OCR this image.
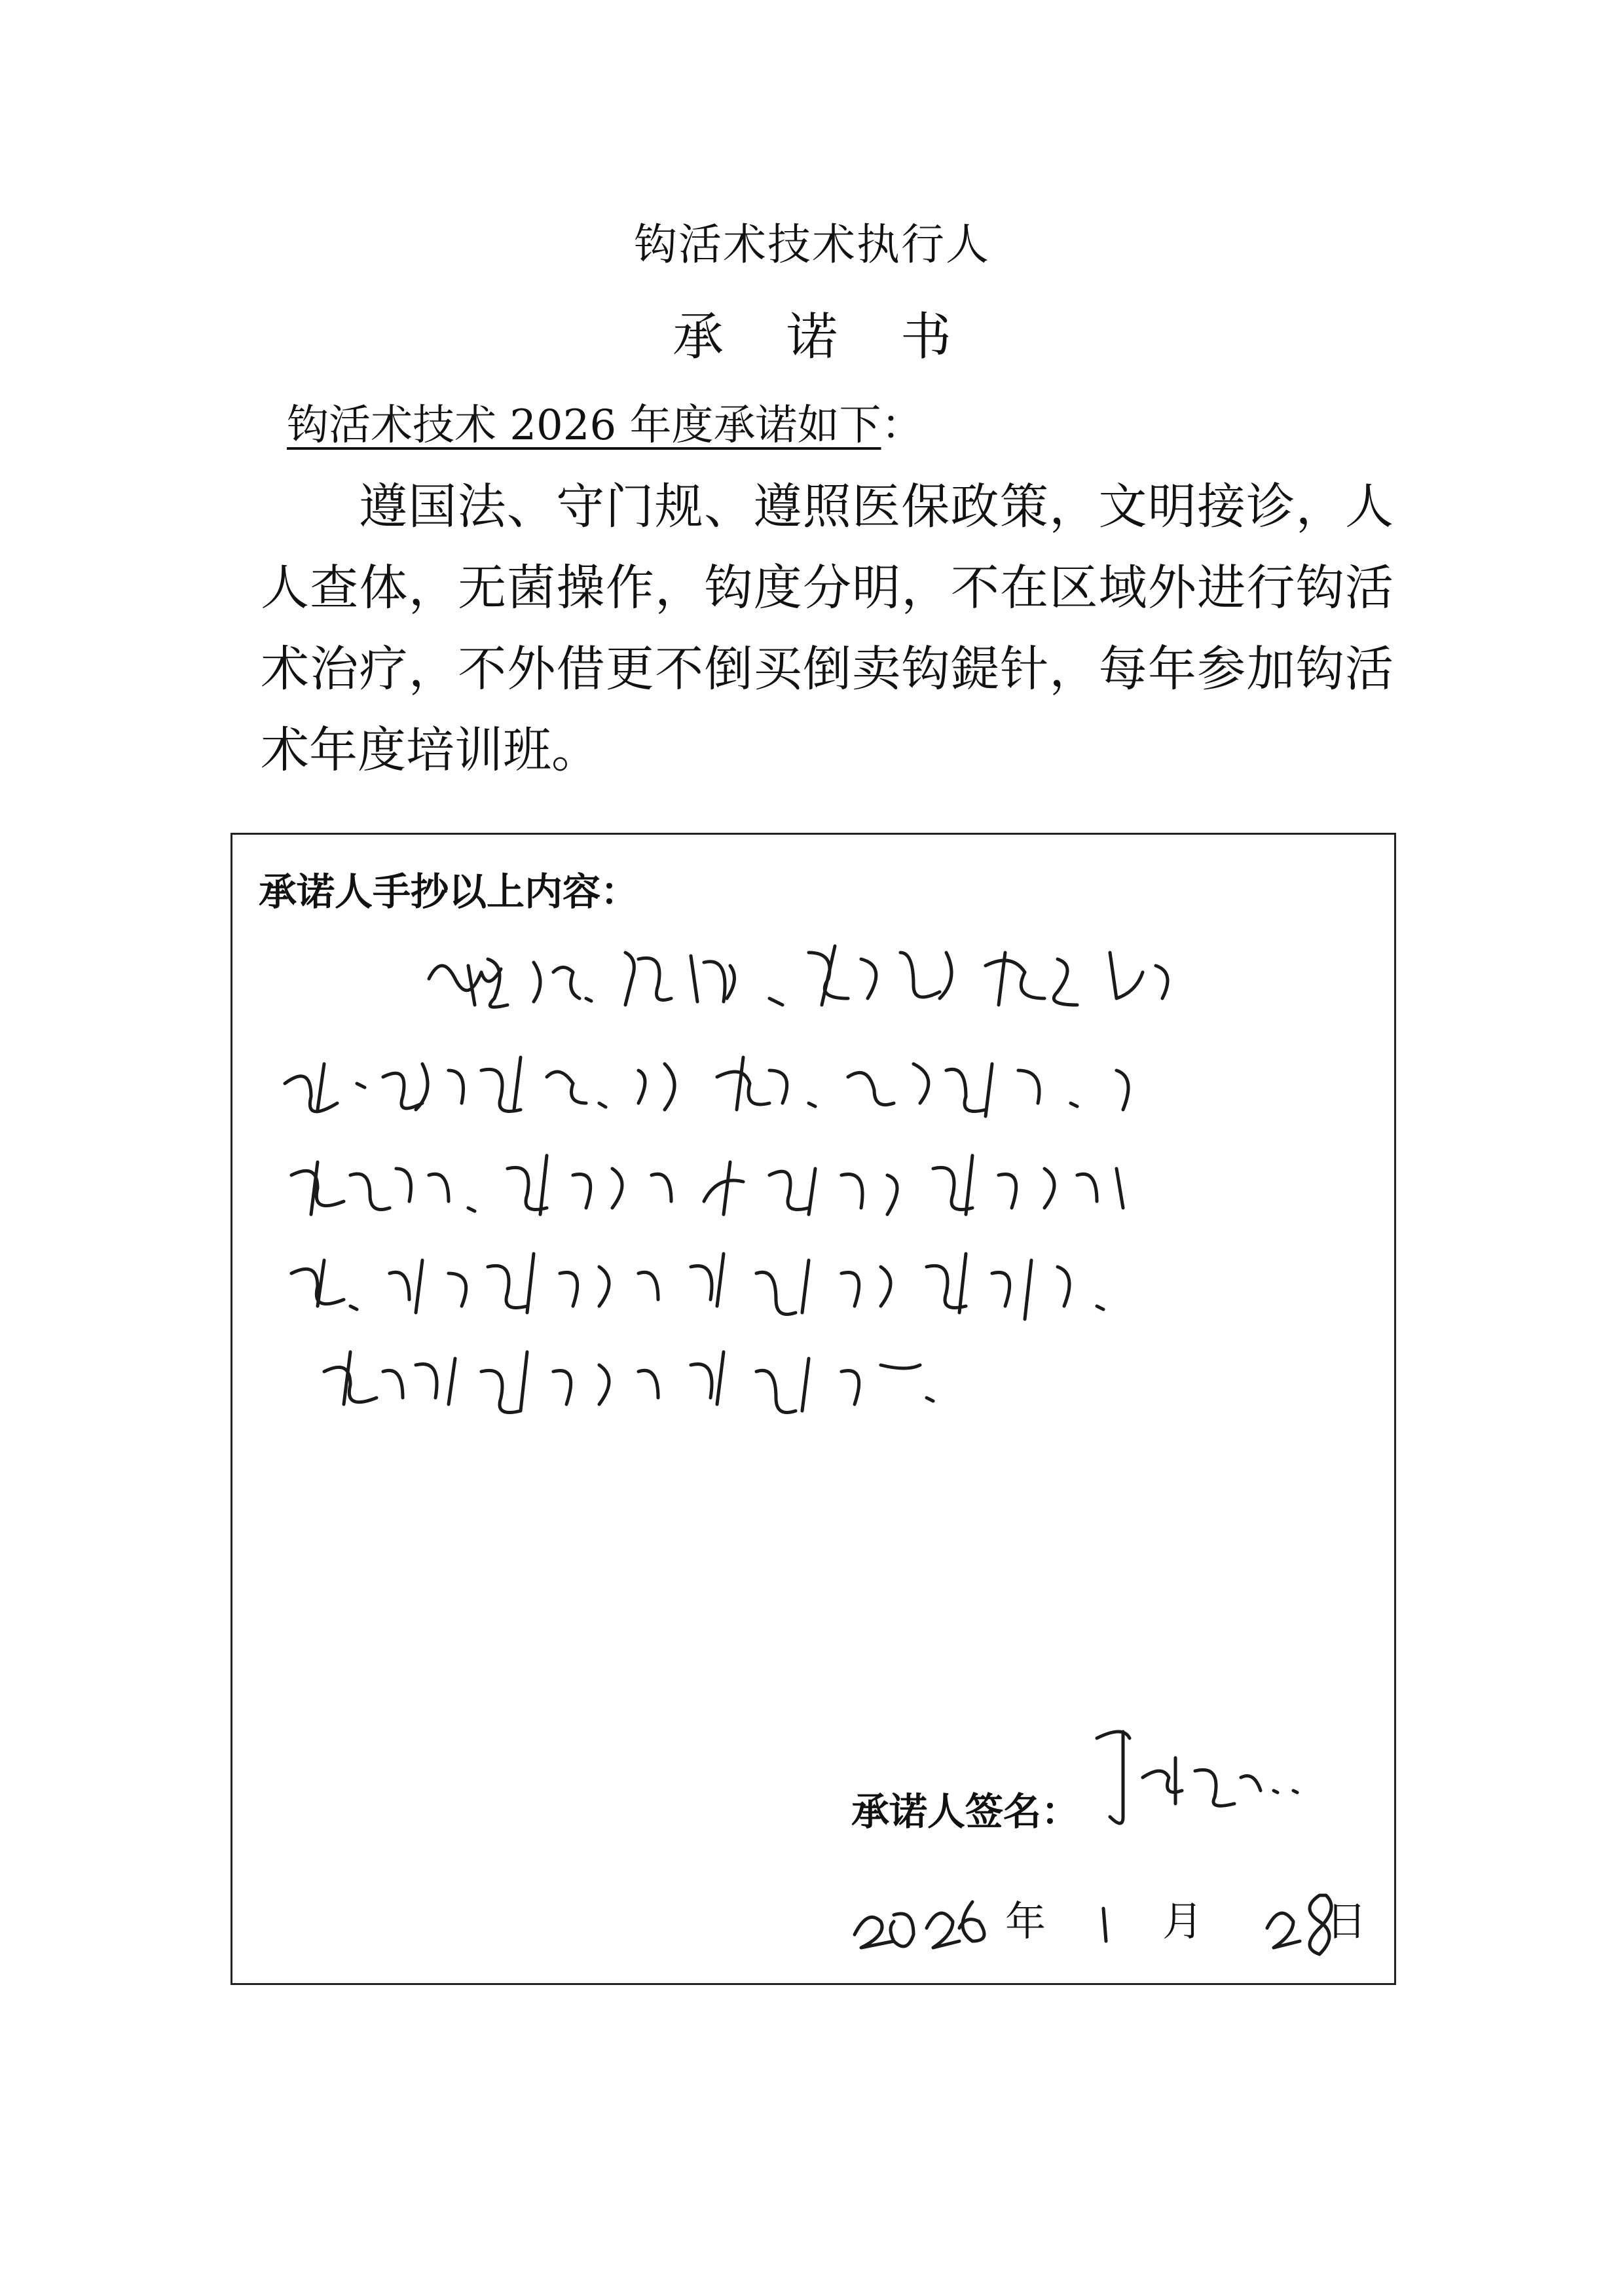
钩活术技术执行人
承诺书
钩活术技术 2026 年度承诺如下：
遵国法、守门规、遵照医保政策，文明接诊，人人查体，无菌操作，钩度分明，不在区域外进行钩活术治疗，不外借更不倒买倒卖钩鍉针，每年参加钩活术年度培训班。
承诺人手抄以上内容：
承诺人签名：
年	月	日
